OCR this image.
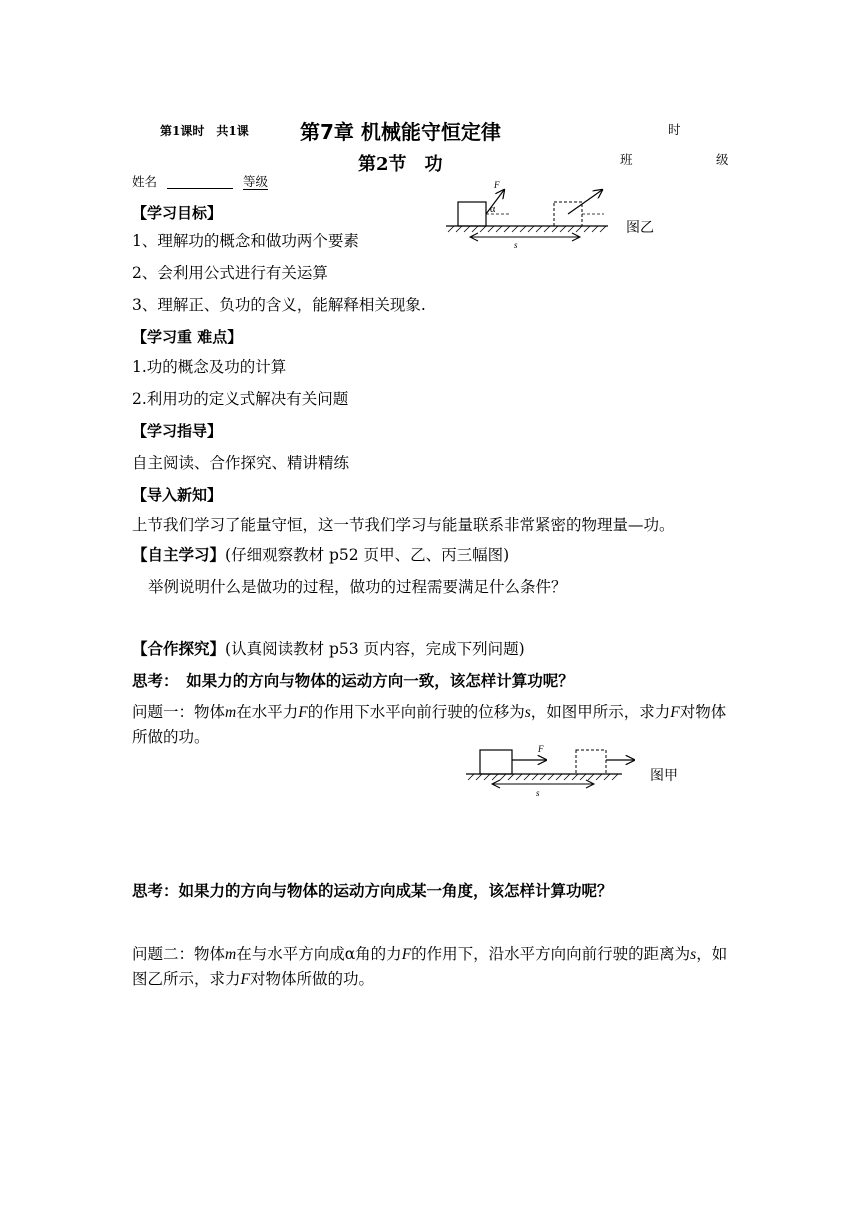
第1课时　共1课	第7章 机械能守恒定律	时
第2节　功	班	级
姓名	等级
【学习目标】
1、理解功的概念和做功两个要素
2、会利用公式进行有关运算
3、理解正、负功的含义，能解释相关现象.
F
α
s
图乙
【学习重 难点】
1.功的概念及功的计算
2.利用功的定义式解决有关问题
【学习指导】
自主阅读、合作探究、精讲精练
【导入新知】
上节我们学习了能量守恒，这一节我们学习与能量联系非常紧密的物理量—功。
【自主学习】(仔细观察教材 p52 页甲、乙、丙三幅图)
举例说明什么是做功的过程，做功的过程需要满足什么条件？
【合作探究】(认真阅读教材 p53 页内容，完成下列问题)
思考：　如果力的方向与物体的运动方向一致，该怎样计算功呢？
问题一：物体m在水平力F的作用下水平向前行驶的位移为s，如图甲所示，求力F对物体所做的功。
F
s
图甲
思考：如果力的方向与物体的运动方向成某一角度，该怎样计算功呢？
问题二：物体m在与水平方向成α角的力F的作用下，沿水平方向向前行驶的距离为s，如图乙所示，求力F对物体所做的功。
